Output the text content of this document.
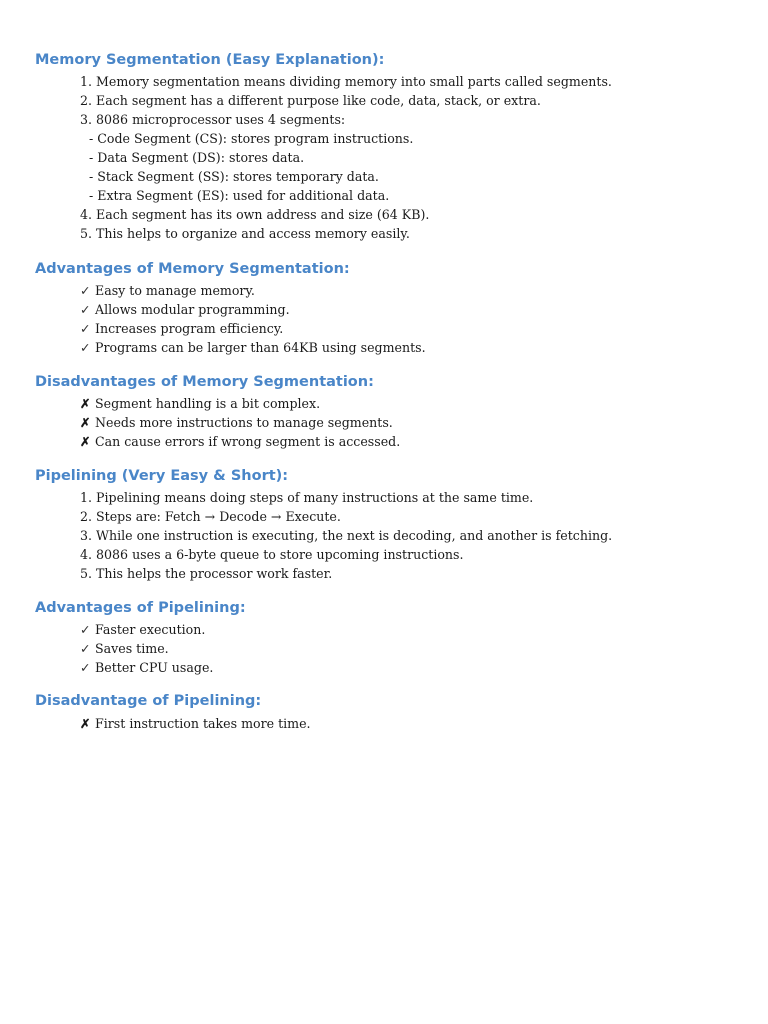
Memory Segmentation (Easy Explanation):
1. Memory segmentation means dividing memory into small parts called segments.
2. Each segment has a different purpose like code, data, stack, or extra.
3. 8086 microprocessor uses 4 segments:
- Code Segment (CS): stores program instructions.
- Data Segment (DS): stores data.
- Stack Segment (SS): stores temporary data.
- Extra Segment (ES): used for additional data.
4. Each segment has its own address and size (64 KB).
5. This helps to organize and access memory easily.
Advantages of Memory Segmentation:
✓ Easy to manage memory.
✓ Allows modular programming.
✓ Increases program efficiency.
✓ Programs can be larger than 64KB using segments.
Disadvantages of Memory Segmentation:
✗ Segment handling is a bit complex.
✗ Needs more instructions to manage segments.
✗ Can cause errors if wrong segment is accessed.
Pipelining (Very Easy & Short):
1. Pipelining means doing steps of many instructions at the same time.
2. Steps are: Fetch → Decode → Execute.
3. While one instruction is executing, the next is decoding, and another is fetching.
4. 8086 uses a 6-byte queue to store upcoming instructions.
5. This helps the processor work faster.
Advantages of Pipelining:
✓ Faster execution.
✓ Saves time.
✓ Better CPU usage.
Disadvantage of Pipelining:
✗ First instruction takes more time.
